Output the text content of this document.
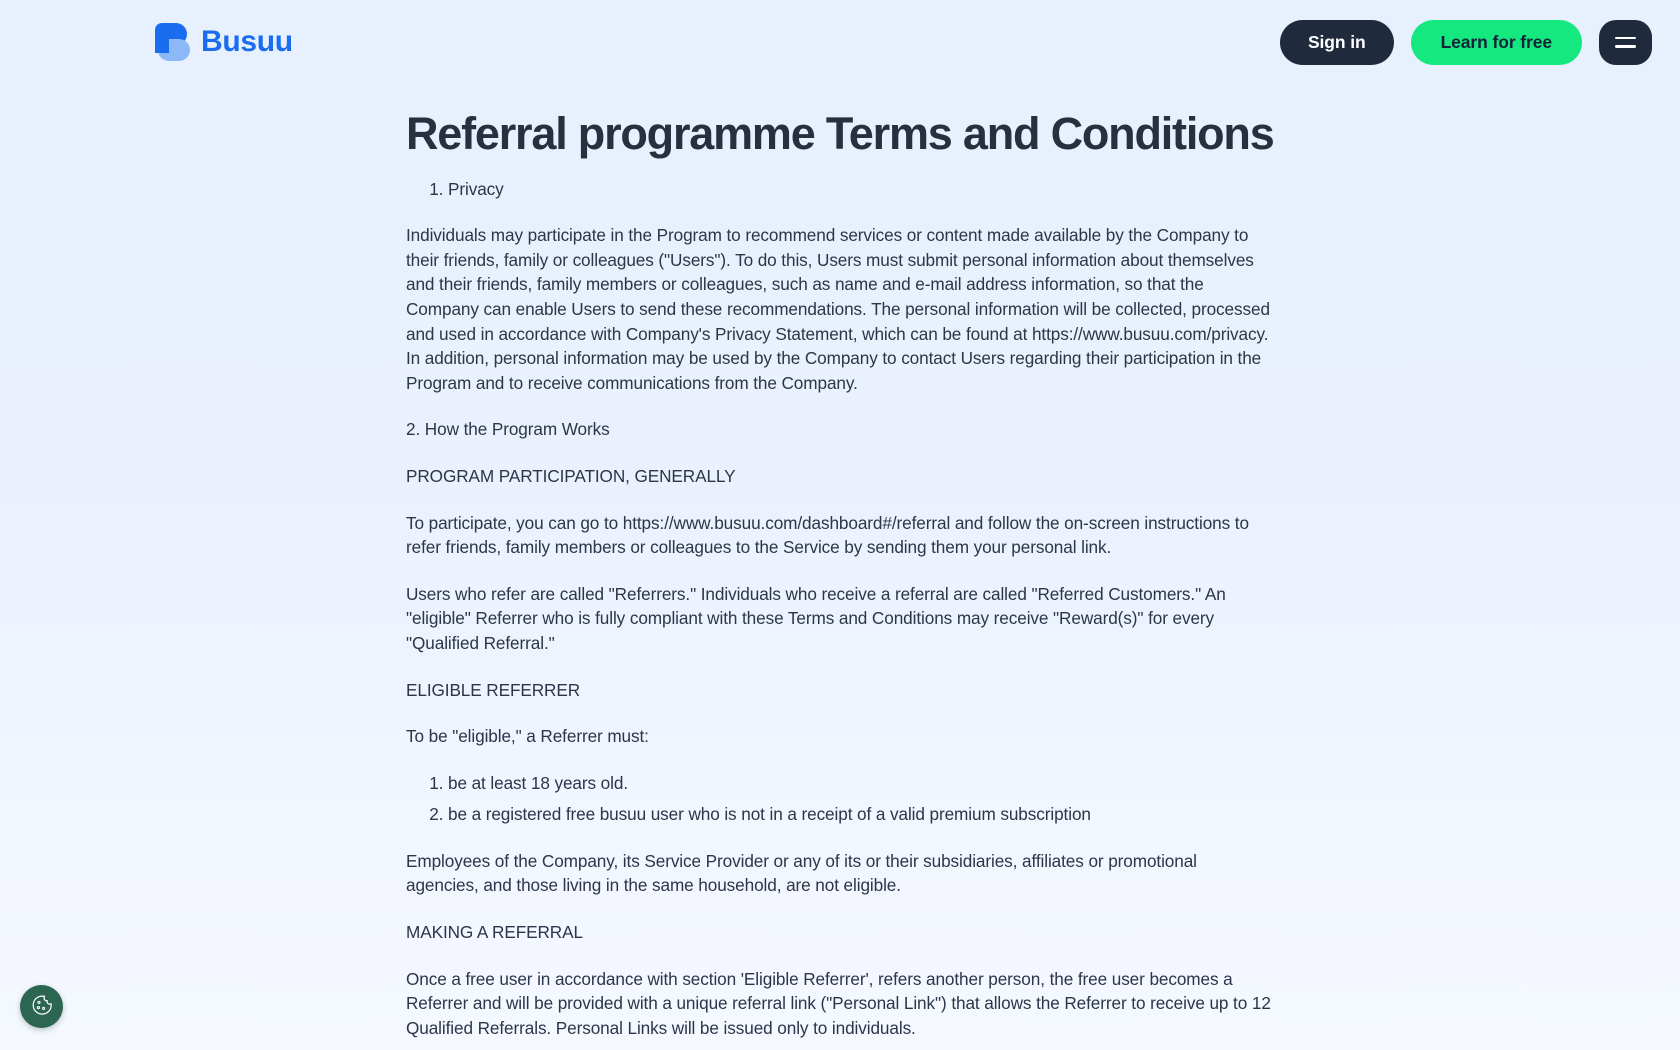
Busuu	Sign in	Learn for free
Referral programme Terms and Conditions
1. Privacy

Individuals may participate in the Program to recommend services or content made available by the Company to their friends, family or colleagues ("Users"). To do this, Users must submit personal information about themselves and their friends, family members or colleagues, such as name and e-mail address information, so that the Company can enable Users to send these recommendations. The personal information will be collected, processed and used in accordance with Company's Privacy Statement, which can be found at https://www.busuu.com/privacy. In addition, personal information may be used by the Company to contact Users regarding their participation in the Program and to receive communications from the Company.

2. How the Program Works

PROGRAM PARTICIPATION, GENERALLY

To participate, you can go to https://www.busuu.com/dashboard#/referral and follow the on-screen instructions to refer friends, family members or colleagues to the Service by sending them your personal link.

Users who refer are called "Referrers." Individuals who receive a referral are called "Referred Customers." An "eligible" Referrer who is fully compliant with these Terms and Conditions may receive "Reward(s)" for every "Qualified Referral."

ELIGIBLE REFERRER

To be "eligible," a Referrer must:

1. be at least 18 years old.
2. be a registered free busuu user who is not in a receipt of a valid premium subscription

Employees of the Company, its Service Provider or any of its or their subsidiaries, affiliates or promotional agencies, and those living in the same household, are not eligible.

MAKING A REFERRAL

Once a free user in accordance with section 'Eligible Referrer', refers another person, the free user becomes a Referrer and will be provided with a unique referral link ("Personal Link") that allows the Referrer to receive up to 12 Qualified Referrals. Personal Links will be issued only to individuals.
